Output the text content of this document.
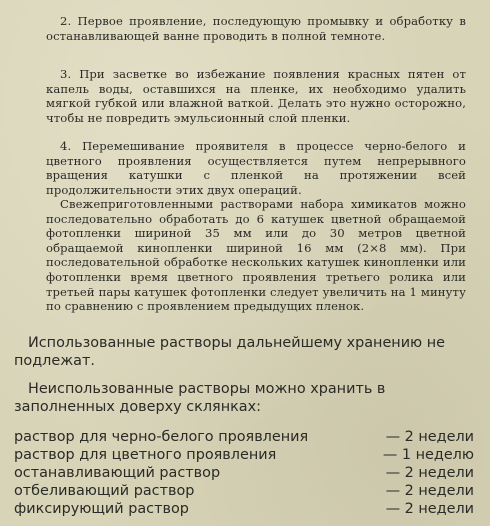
2. Первое проявление, последующую промывку и обработку в останавливающей ванне проводить в полной темноте.

3. При засветке во избежание появления красных пятен от капель воды, оставшихся на пленке, их необходимо удалить мягкой губкой или влажной ваткой. Делать это нужно осторожно, чтобы не повредить эмульсионный слой пленки.

4. Перемешивание проявителя в процессе черно-белого и цветного проявления осуществляется путем непрерывного вращения катушки с пленкой на протяжении всей продолжительности этих двух операций.

Свежеприготовленными растворами набора химикатов можно последовательно обработать до 6 катушек цветной обращаемой фотопленки шириной 35 мм или до 30 метров цветной обращаемой кинопленки шириной 16 мм (2×8 мм). При последовательной обработке нескольких катушек кинопленки или фотопленки время цветного проявления третьего ролика или третьей пары катушек фотопленки следует увеличить на 1 минуту по сравнению с проявлением предыдущих пленок.

Использованные растворы дальнейшему хранению не подлежат.

Неиспользованные растворы можно хранить в заполненных доверху склянках:

раствор для черно-белого проявления	— 2 недели
раствор для цветного проявления	— 1 неделю
останавливающий раствор	— 2 недели
отбеливающий раствор	— 2 недели
фиксирующий раствор	— 2 недели
